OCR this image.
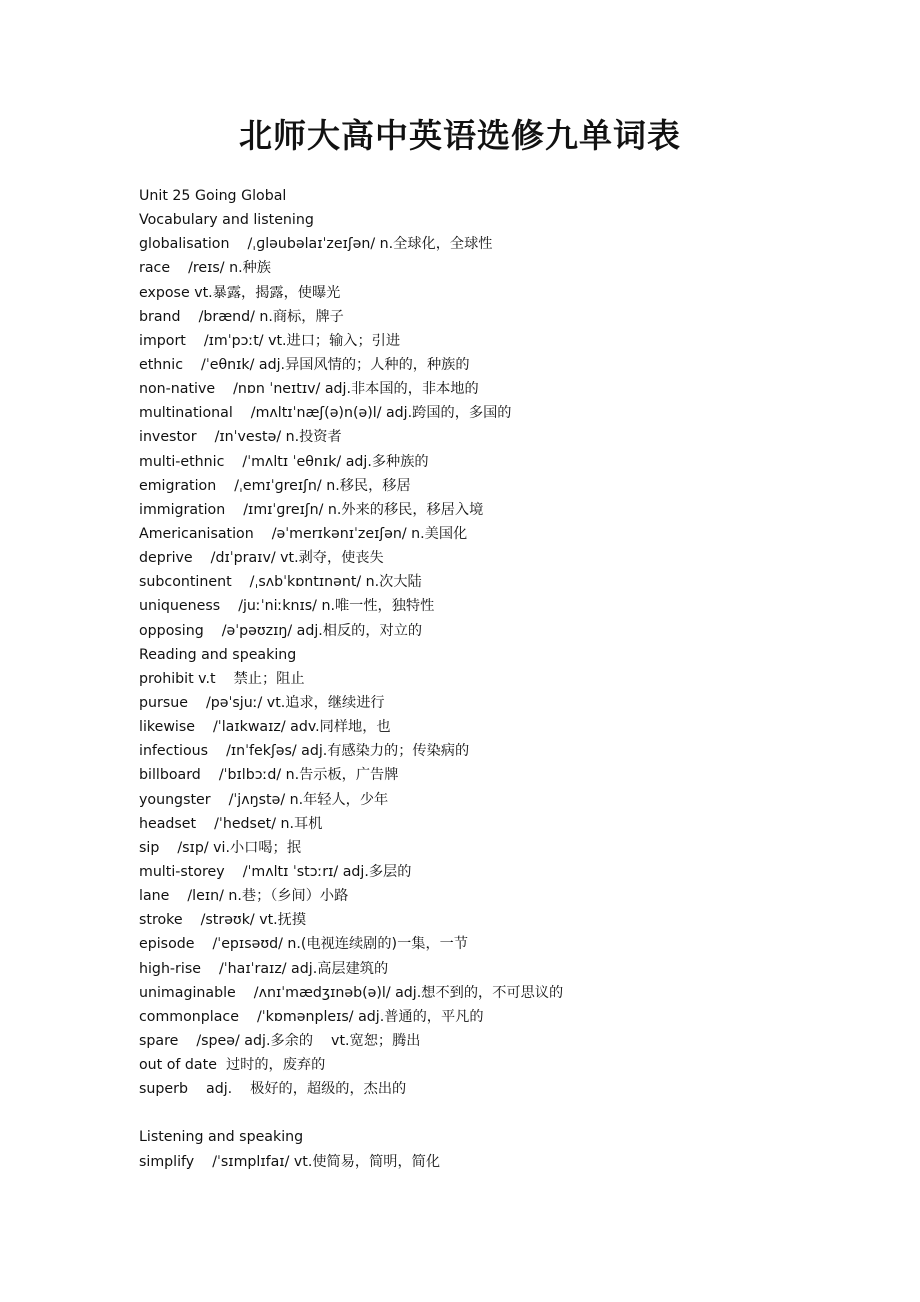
北师大高中英语选修九单词表
Unit 25 Going Global
Vocabulary and listening
globalisation    /ˌɡləubəlaɪˈzeɪʃən/ n.全球化，全球性
race    /reɪs/ n.种族
expose vt.暴露，揭露，使曝光
brand    /brænd/ n.商标，牌子
import    /ɪmˈpɔːt/ vt.进口；输入；引进
ethnic    /ˈeθnɪk/ adj.异国风情的；人种的，种族的
non-native    /nɒn ˈneɪtɪv/ adj.非本国的，非本地的
multinational    /mʌltɪˈnæʃ(ə)n(ə)l/ adj.跨国的，多国的
investor    /ɪnˈvestə/ n.投资者
multi-ethnic    /ˈmʌltɪ ˈeθnɪk/ adj.多种族的
emigration    /ˌemɪˈɡreɪʃn/ n.移民，移居
immigration    /ɪmɪˈɡreɪʃn/ n.外来的移民，移居入境
Americanisation    /əˈmerɪkənɪˈzeɪʃən/ n.美国化
deprive    /dɪˈpraɪv/ vt.剥夺，使丧失
subcontinent    /ˌsʌbˈkɒntɪnənt/ n.次大陆
uniqueness    /juːˈniːknɪs/ n.唯一性，独特性
opposing    /əˈpəʊzɪŋ/ adj.相反的，对立的
Reading and speaking
prohibit v.t    禁止；阻止
pursue    /pəˈsjuː/ vt.追求，继续进行
likewise    /ˈlaɪkwaɪz/ adv.同样地，也
infectious    /ɪnˈfekʃəs/ adj.有感染力的；传染病的
billboard    /ˈbɪlbɔːd/ n.告示板，广告牌
youngster    /ˈjʌŋstə/ n.年轻人，少年
headset    /ˈhedset/ n.耳机
sip    /sɪp/ vi.小口喝；抿
multi-storey    /ˈmʌltɪ ˈstɔːrɪ/ adj.多层的
lane    /leɪn/ n.巷；（乡间）小路
stroke    /strəʊk/ vt.抚摸
episode    /ˈepɪsəʊd/ n.(电视连续剧的)一集，一节
high-rise    /ˈhaɪˈraɪz/ adj.高层建筑的
unimaginable    /ʌnɪˈmædʒɪnəb(ə)l/ adj.想不到的，不可思议的
commonplace    /ˈkɒmənpleɪs/ adj.普通的，平凡的
spare    /speə/ adj.多余的    vt.宽恕；腾出
out of date  过时的，废弃的
superb    adj.    极好的，超级的，杰出的
Listening and speaking
simplify    /ˈsɪmplɪfaɪ/ vt.使简易，简明，简化
